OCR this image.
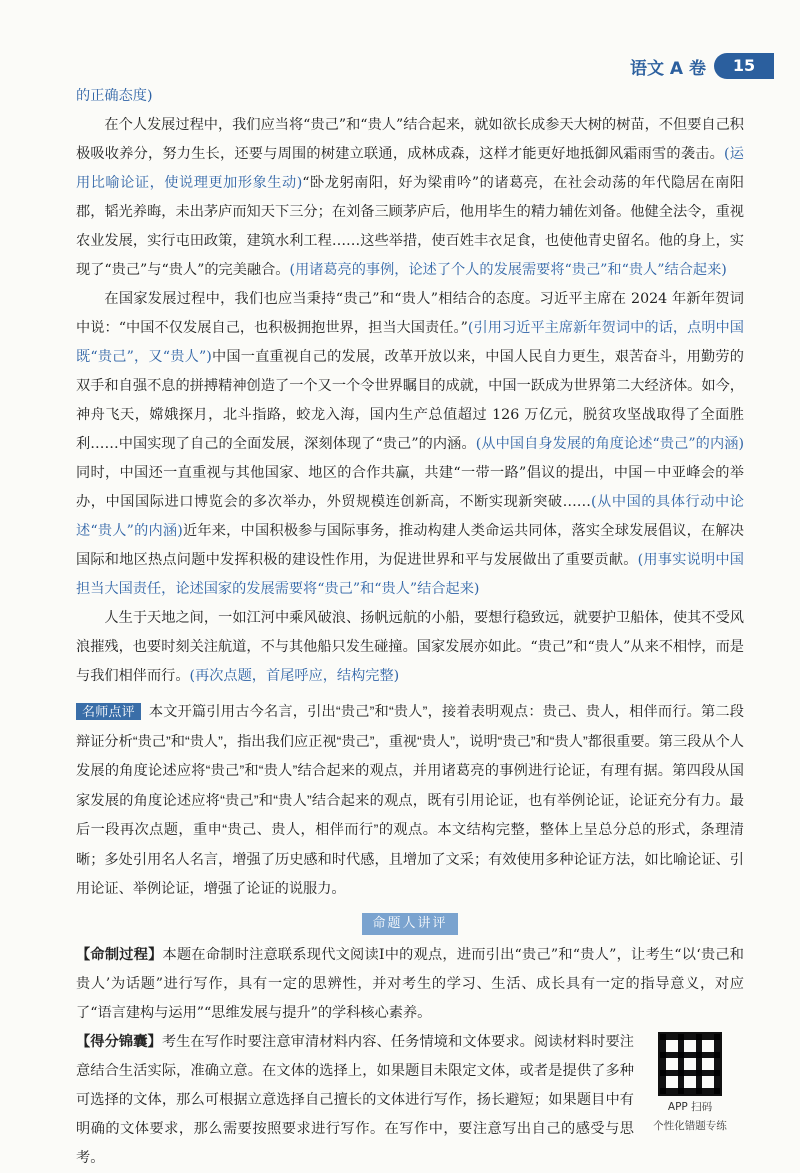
语文 A 卷	15

的正确态度)

在个人发展过程中，我们应当将“贵己”和“贵人”结合起来，就如欲长成参天大树的树苗，不但要自己积极吸收养分，努力生长，还要与周围的树建立联通，成林成森，这样才能更好地抵御风霜雨雪的袭击。(运用比喻论证，使说理更加形象生动)“卧龙躬南阳，好为梁甫吟”的诸葛亮，在社会动荡的年代隐居在南阳郡，韬光养晦，未出茅庐而知天下三分；在刘备三顾茅庐后，他用毕生的精力辅佐刘备。他健全法令，重视农业发展，实行屯田政策，建筑水利工程……这些举措，使百姓丰衣足食，也使他青史留名。他的身上，实现了“贵己”与“贵人”的完美融合。(用诸葛亮的事例，论述了个人的发展需要将“贵己”和“贵人”结合起来)

在国家发展过程中，我们也应当秉持“贵己”和“贵人”相结合的态度。习近平主席在 2024 年新年贺词中说：“中国不仅发展自己，也积极拥抱世界，担当大国责任。”(引用习近平主席新年贺词中的话，点明中国既“贵己”，又“贵人”)中国一直重视自己的发展，改革开放以来，中国人民自力更生，艰苦奋斗，用勤劳的双手和自强不息的拼搏精神创造了一个又一个令世界瞩目的成就，中国一跃成为世界第二大经济体。如今，神舟飞天，嫦娥探月，北斗指路，蛟龙入海，国内生产总值超过 126 万亿元，脱贫攻坚战取得了全面胜利……中国实现了自己的全面发展，深刻体现了“贵己”的内涵。(从中国自身发展的角度论述“贵己”的内涵)同时，中国还一直重视与其他国家、地区的合作共赢，共建“一带一路”倡议的提出，中国－中亚峰会的举办，中国国际进口博览会的多次举办，外贸规模连创新高，不断实现新突破……(从中国的具体行动中论述“贵人”的内涵)近年来，中国积极参与国际事务，推动构建人类命运共同体，落实全球发展倡议，在解决国际和地区热点问题中发挥积极的建设性作用，为促进世界和平与发展做出了重要贡献。(用事实说明中国担当大国责任，论述国家的发展需要将“贵己”和“贵人”结合起来)

人生于天地之间，一如江河中乘风破浪、扬帆远航的小船，要想行稳致远，就要护卫船体，使其不受风浪摧残，也要时刻关注航道，不与其他船只发生碰撞。国家发展亦如此。“贵己”和“贵人”从来不相悖，而是与我们相伴而行。(再次点题，首尾呼应，结构完整)

名师点评 本文开篇引用古今名言，引出“贵己”和“贵人”，接着表明观点：贵己、贵人，相伴而行。第二段辩证分析“贵己”和“贵人”，指出我们应正视“贵己”，重视“贵人”，说明“贵己”和“贵人”都很重要。第三段从个人发展的角度论述应将“贵己”和“贵人”结合起来的观点，并用诸葛亮的事例进行论证，有理有据。第四段从国家发展的角度论述应将“贵己”和“贵人”结合起来的观点，既有引用论证，也有举例论证，论证充分有力。最后一段再次点题，重申“贵己、贵人，相伴而行”的观点。本文结构完整，整体上呈总分总的形式，条理清晰；多处引用名人名言，增强了历史感和时代感，且增加了文采；有效使用多种论证方法，如比喻论证、引用论证、举例论证，增强了论证的说服力。
命题人讲评

【命制过程】本题在命制时注意联系现代文阅读Ⅰ中的观点，进而引出“贵己”和“贵人”，让考生“以‘贵己和贵人’为话题”进行写作，具有一定的思辨性，并对考生的学习、生活、成长具有一定的指导意义，对应了“语言建构与运用”“思维发展与提升”的学科核心素养。

【得分锦囊】考生在写作时要注意审清材料内容、任务情境和文体要求。阅读材料时要注意结合生活实际，准确立意。在文体的选择上，如果题目未限定文体，或者是提供了多种可选择的文体，那么可根据立意选择自己擅长的文体进行写作，扬长避短；如果题目中有明确的文体要求，那么需要按照要求进行写作。在写作中，要注意写出自己的感受与思考。

APP 扫码
个性化错题专练
